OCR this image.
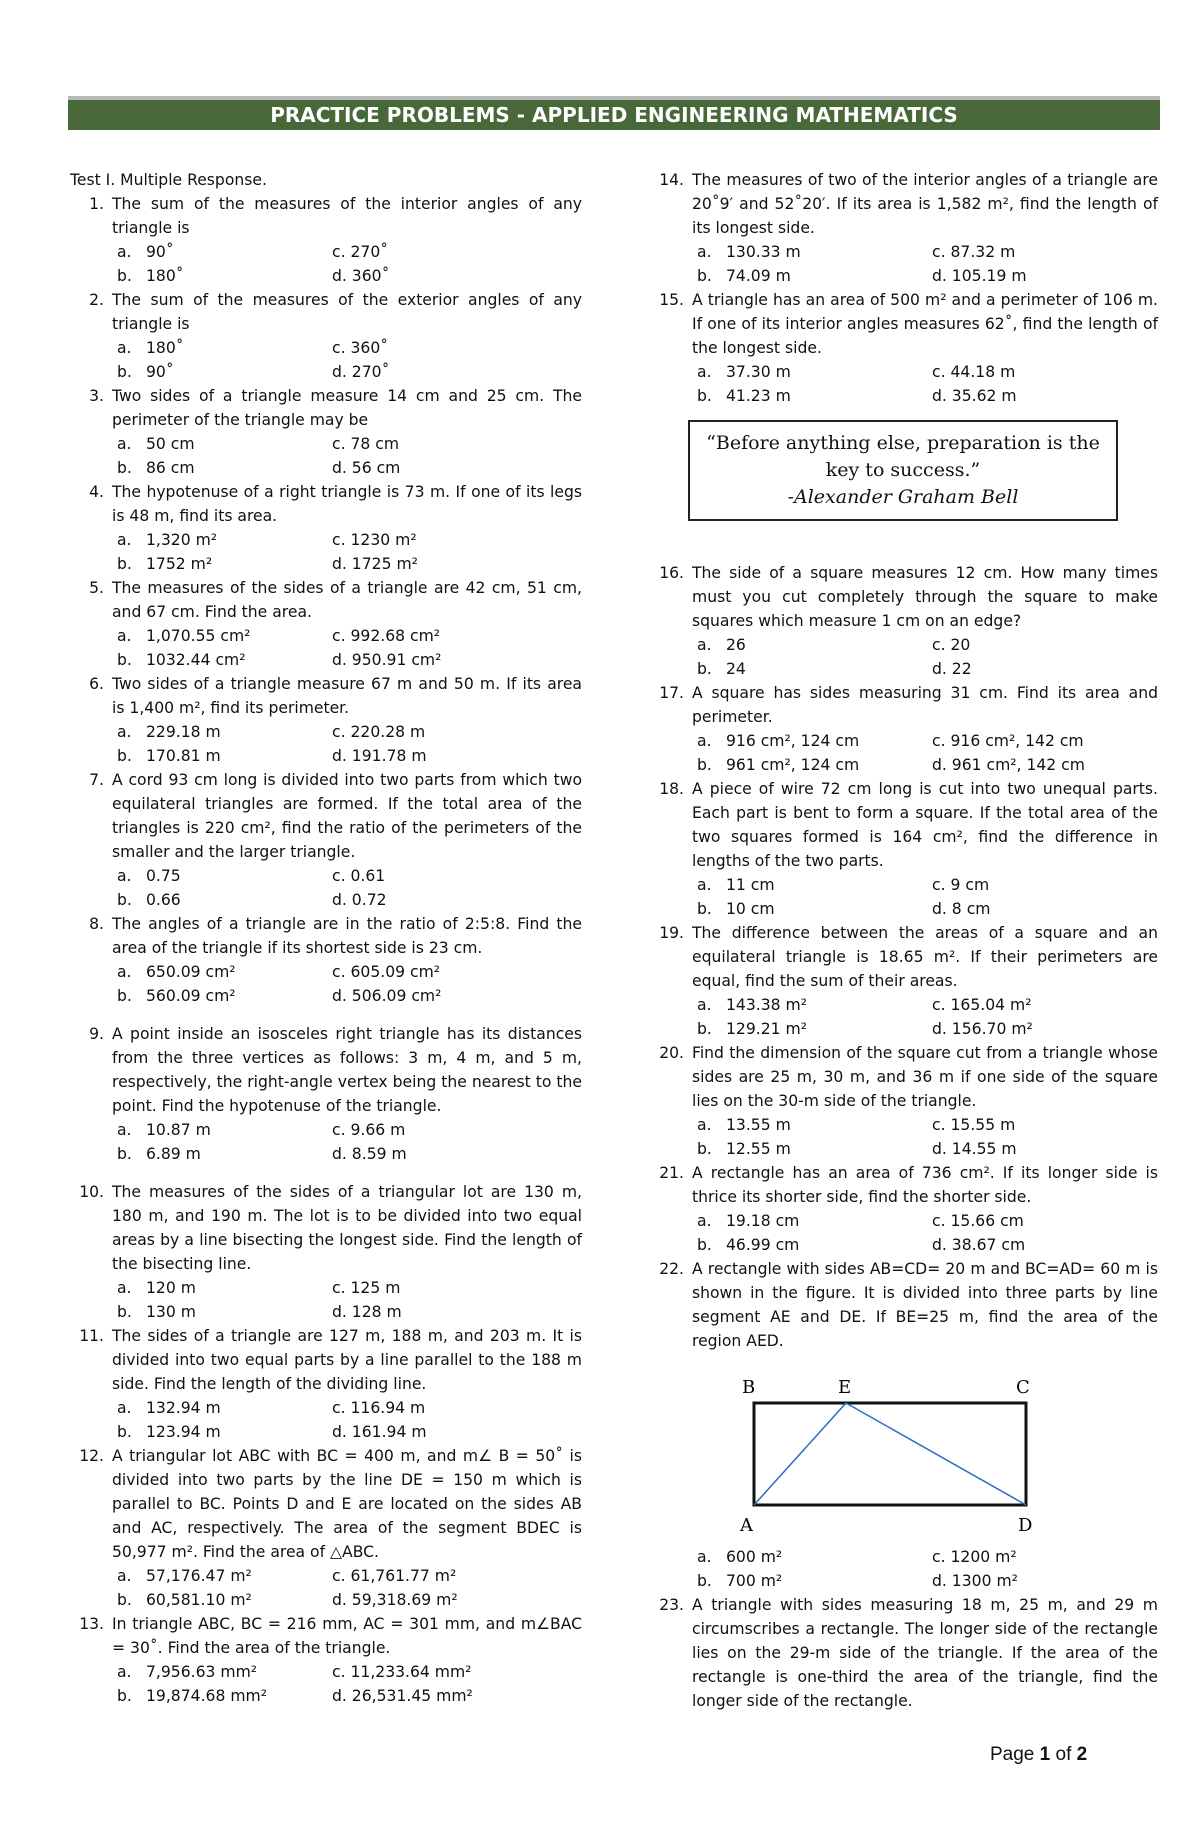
PRACTICE PROBLEMS - APPLIED ENGINEERING MATHEMATICS
Test I. Multiple Response.
1. The sum of the measures of the interior angles of any triangle is
a. 90˚
b. 180˚
c. 270˚
d. 360˚
2. The sum of the measures of the exterior angles of any triangle is
a. 180˚
b. 90˚
c. 360˚
d. 270˚
3. Two sides of a triangle measure 14 cm and 25 cm. The perimeter of the triangle may be
a. 50 cm
b. 86 cm
c. 78 cm
d. 56 cm
4. The hypotenuse of a right triangle is 73 m. If one of its legs is 48 m, find its area.
a. 1,320 m²
b. 1752 m²
c. 1230 m²
d. 1725 m²
5. The measures of the sides of a triangle are 42 cm, 51 cm, and 67 cm. Find the area.
a. 1,070.55 cm²
b. 1032.44 cm²
c. 992.68 cm²
d. 950.91 cm²
6. Two sides of a triangle measure 67 m and 50 m. If its area is 1,400 m², find its perimeter.
a. 229.18 m
b. 170.81 m
c. 220.28 m
d. 191.78 m
7. A cord 93 cm long is divided into two parts from which two equilateral triangles are formed. If the total area of the triangles is 220 cm², find the ratio of the perimeters of the smaller and the larger triangle.
a. 0.75
b. 0.66
c. 0.61
d. 0.72
8. The angles of a triangle are in the ratio of 2:5:8. Find the area of the triangle if its shortest side is 23 cm.
a. 650.09 cm²
b. 560.09 cm²
c. 605.09 cm²
d. 506.09 cm²
9. A point inside an isosceles right triangle has its distances from the three vertices as follows: 3 m, 4 m, and 5 m, respectively, the right-angle vertex being the nearest to the point. Find the hypotenuse of the triangle.
a. 10.87 m
b. 6.89 m
c. 9.66 m
d. 8.59 m
10. The measures of the sides of a triangular lot are 130 m, 180 m, and 190 m. The lot is to be divided into two equal areas by a line bisecting the longest side. Find the length of the bisecting line.
a. 120 m
b. 130 m
c. 125 m
d. 128 m
11. The sides of a triangle are 127 m, 188 m, and 203 m. It is divided into two equal parts by a line parallel to the 188 m side. Find the length of the dividing line.
a. 132.94 m
b. 123.94 m
c. 116.94 m
d. 161.94 m
12. A triangular lot ABC with BC = 400 m, and m∠ B = 50˚ is divided into two parts by the line DE = 150 m which is parallel to BC. Points D and E are located on the sides AB and AC, respectively. The area of the segment BDEC is 50,977 m². Find the area of △ABC.
a. 57,176.47 m²
b. 60,581.10 m²
c. 61,761.77 m²
d. 59,318.69 m²
13. In triangle ABC, BC = 216 mm, AC = 301 mm, and m∠BAC = 30˚. Find the area of the triangle.
a. 7,956.63 mm²
b. 19,874.68 mm²
c. 11,233.64 mm²
d. 26,531.45 mm²
14. The measures of two of the interior angles of a triangle are 20˚9′ and 52˚20′. If its area is 1,582 m², find the length of its longest side.
a. 130.33 m
b. 74.09 m
c. 87.32 m
d. 105.19 m
15. A triangle has an area of 500 m² and a perimeter of 106 m. If one of its interior angles measures 62˚, find the length of the longest side.
a. 37.30 m
b. 41.23 m
c. 44.18 m
d. 35.62 m
“Before anything else, preparation is the key to success.”
-Alexander Graham Bell
16. The side of a square measures 12 cm. How many times must you cut completely through the square to make squares which measure 1 cm on an edge?
a. 26
b. 24
c. 20
d. 22
17. A square has sides measuring 31 cm. Find its area and perimeter.
a. 916 cm², 124 cm
b. 961 cm², 124 cm
c. 916 cm², 142 cm
d. 961 cm², 142 cm
18. A piece of wire 72 cm long is cut into two unequal parts. Each part is bent to form a square. If the total area of the two squares formed is 164 cm², find the difference in lengths of the two parts.
a. 11 cm
b. 10 cm
c. 9 cm
d. 8 cm
19. The difference between the areas of a square and an equilateral triangle is 18.65 m². If their perimeters are equal, find the sum of their areas.
a. 143.38 m²
b. 129.21 m²
c. 165.04 m²
d. 156.70 m²
20. Find the dimension of the square cut from a triangle whose sides are 25 m, 30 m, and 36 m if one side of the square lies on the 30-m side of the triangle.
a. 13.55 m
b. 12.55 m
c. 15.55 m
d. 14.55 m
21. A rectangle has an area of 736 cm². If its longer side is thrice its shorter side, find the shorter side.
a. 19.18 cm
b. 46.99 cm
c. 15.66 cm
d. 38.67 cm
22. A rectangle with sides AB=CD= 20 m and BC=AD= 60 m is shown in the figure. It is divided into three parts by line segment AE and DE. If BE=25 m, find the area of the region AED.
B	E	C
A	D
a. 600 m²
b. 700 m²
c. 1200 m²
d. 1300 m²
23. A triangle with sides measuring 18 m, 25 m, and 29 m circumscribes a rectangle. The longer side of the rectangle lies on the 29-m side of the triangle. If the area of the rectangle is one-third the area of the triangle, find the longer side of the rectangle.
Page 1 of 2
